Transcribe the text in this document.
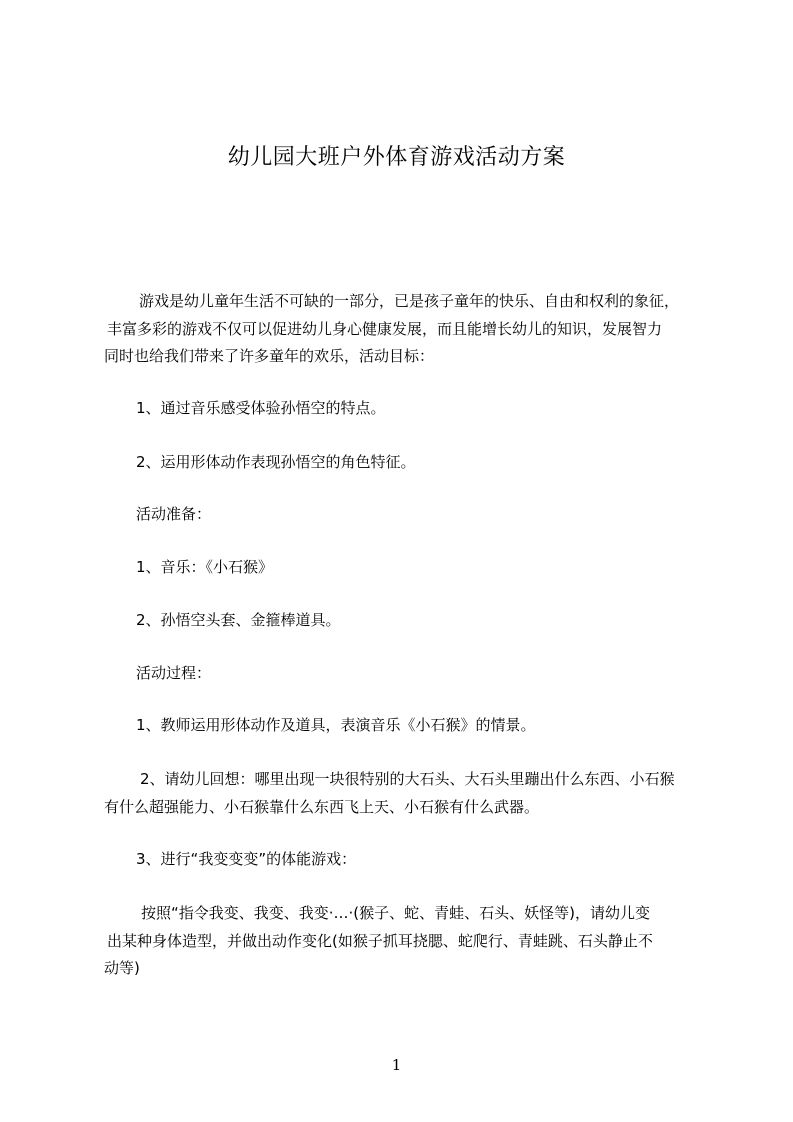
幼儿园大班户外体育游戏活动方案
游戏是幼儿童年生活不可缺的一部分，已是孩子童年的快乐、自由和权利的象征，
丰富多彩的游戏不仅可以促进幼儿身心健康发展，而且能增长幼儿的知识，发展智力
同时也给我们带来了许多童年的欢乐，活动目标：
1、通过音乐感受体验孙悟空的特点。
2、运用形体动作表现孙悟空的角色特征。
活动准备：
1、音乐：《小石猴》
2、孙悟空头套、金箍棒道具。
活动过程：
1、教师运用形体动作及道具，表演音乐《小石猴》的情景。
2、请幼儿回想：哪里出现一块很特别的大石头、大石头里蹦出什么东西、小石猴
有什么超强能力、小石猴靠什么东西飞上天、小石猴有什么武器。
3、进行“我变变变”的体能游戏：
按照“指令我变、我变、我变·…·(猴子、蛇、青蛙、石头、妖怪等)，请幼儿变
出某种身体造型，并做出动作变化(如猴子抓耳挠腮、蛇爬行、青蛙跳、石头静止不
动等)
1
